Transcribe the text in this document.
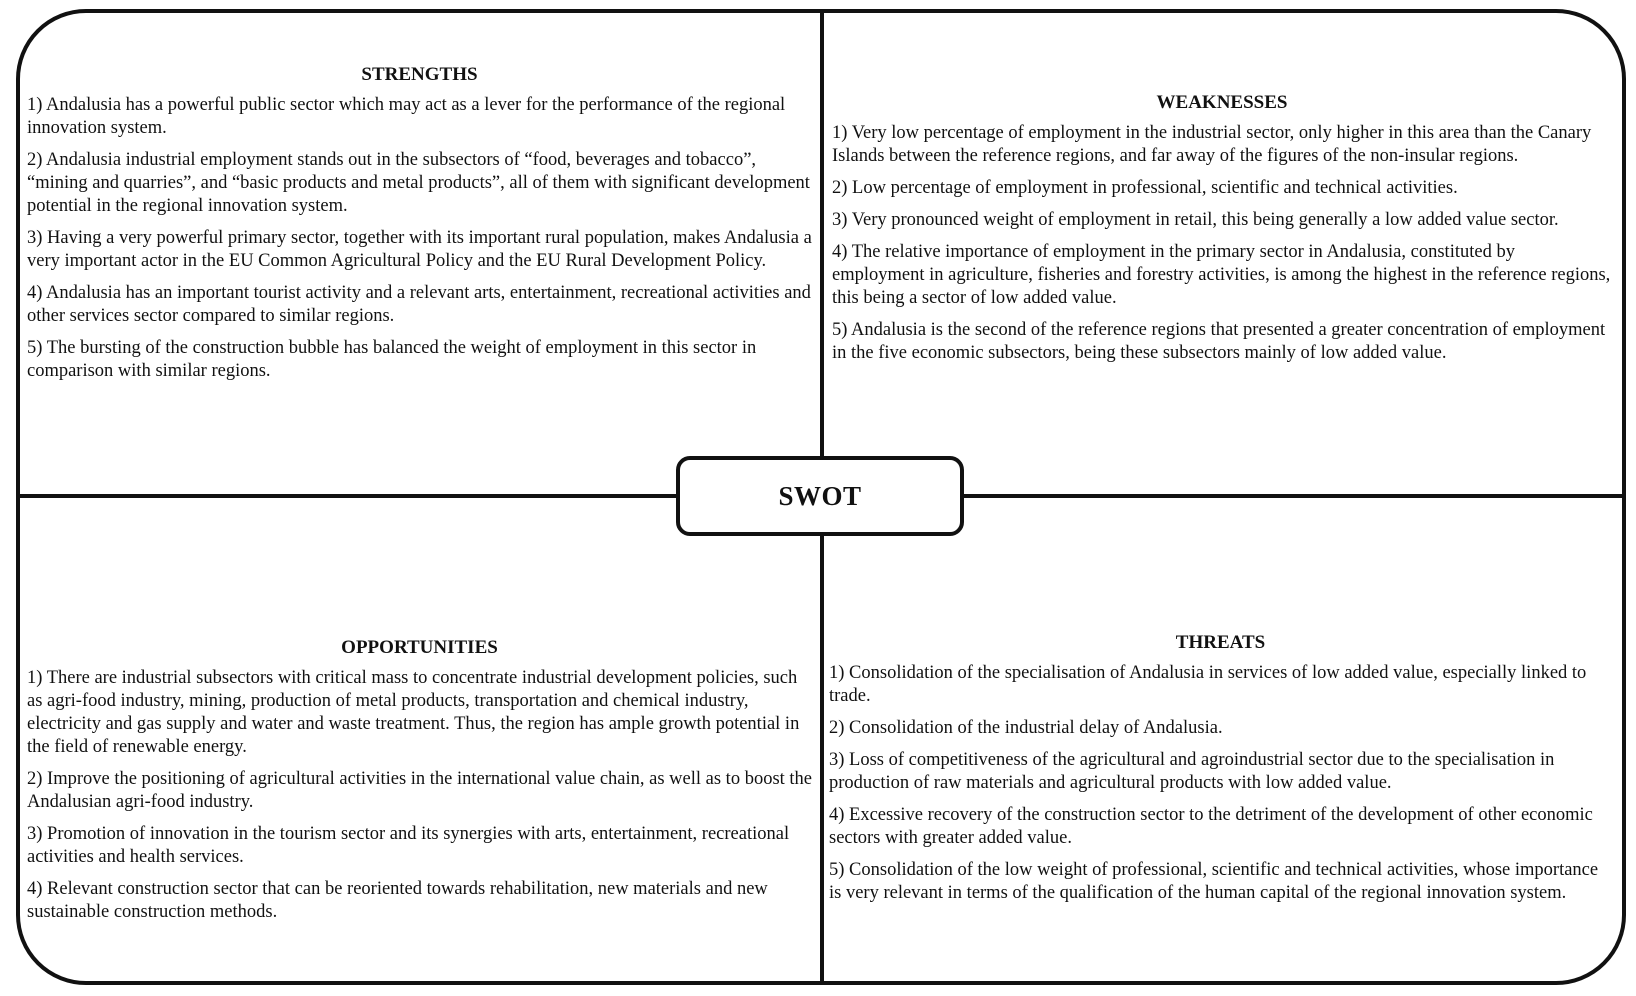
SWOT
STRENGTHS
1) Andalusia has a powerful public sector which may act as a lever for the performance of the regional innovation system.
2) Andalusia industrial employment stands out in the subsectors of “food, beverages and tobacco”, “mining and quarries”, and “basic products and metal products”, all of them with significant development potential in the regional innovation system.
3) Having a very powerful primary sector, together with its important rural population, makes Andalusia a very important actor in the EU Common Agricultural Policy and the EU Rural Development Policy.
4) Andalusia has an important tourist activity and a relevant arts, entertainment, recreational activities and other services sector compared to similar regions.
5) The bursting of the construction bubble has balanced the weight of employment in this sector in comparison with similar regions.
WEAKNESSES
1) Very low percentage of employment in the industrial sector, only higher in this area than the Canary Islands between the reference regions, and far away of the figures of the non-insular regions.
2) Low percentage of employment in professional, scientific and technical activities.
3) Very pronounced weight of employment in retail, this being generally a low added value sector.
4) The relative importance of employment in the primary sector in Andalusia, constituted by employment in agriculture, fisheries and forestry activities, is among the highest in the reference regions, this being a sector of low added value.
5) Andalusia is the second of the reference regions that presented a greater concentration of employment in the five economic subsectors, being these subsectors mainly of low added value.
OPPORTUNITIES
1) There are industrial subsectors with critical mass to concentrate industrial development policies, such as agri-food industry, mining, production of metal products, transportation and chemical industry, electricity and gas supply and water and waste treatment. Thus, the region has ample growth potential in the field of renewable energy.
2) Improve the positioning of agricultural activities in the international value chain, as well as to boost the Andalusian agri-food industry.
3) Promotion of innovation in the tourism sector and its synergies with arts, entertainment, recreational activities and health services.
4) Relevant construction sector that can be reoriented towards rehabilitation, new materials and new sustainable construction methods.
THREATS
1) Consolidation of the specialisation of Andalusia in services of low added value, especially linked to trade.
2) Consolidation of the industrial delay of Andalusia.
3) Loss of competitiveness of the agricultural and agroindustrial sector due to the specialisation in production of raw materials and agricultural products with low added value.
4) Excessive recovery of the construction sector to the detriment of the development of other economic sectors with greater added value.
5) Consolidation of the low weight of professional, scientific and technical activities, whose importance is very relevant in terms of the qualification of the human capital of the regional innovation system.
